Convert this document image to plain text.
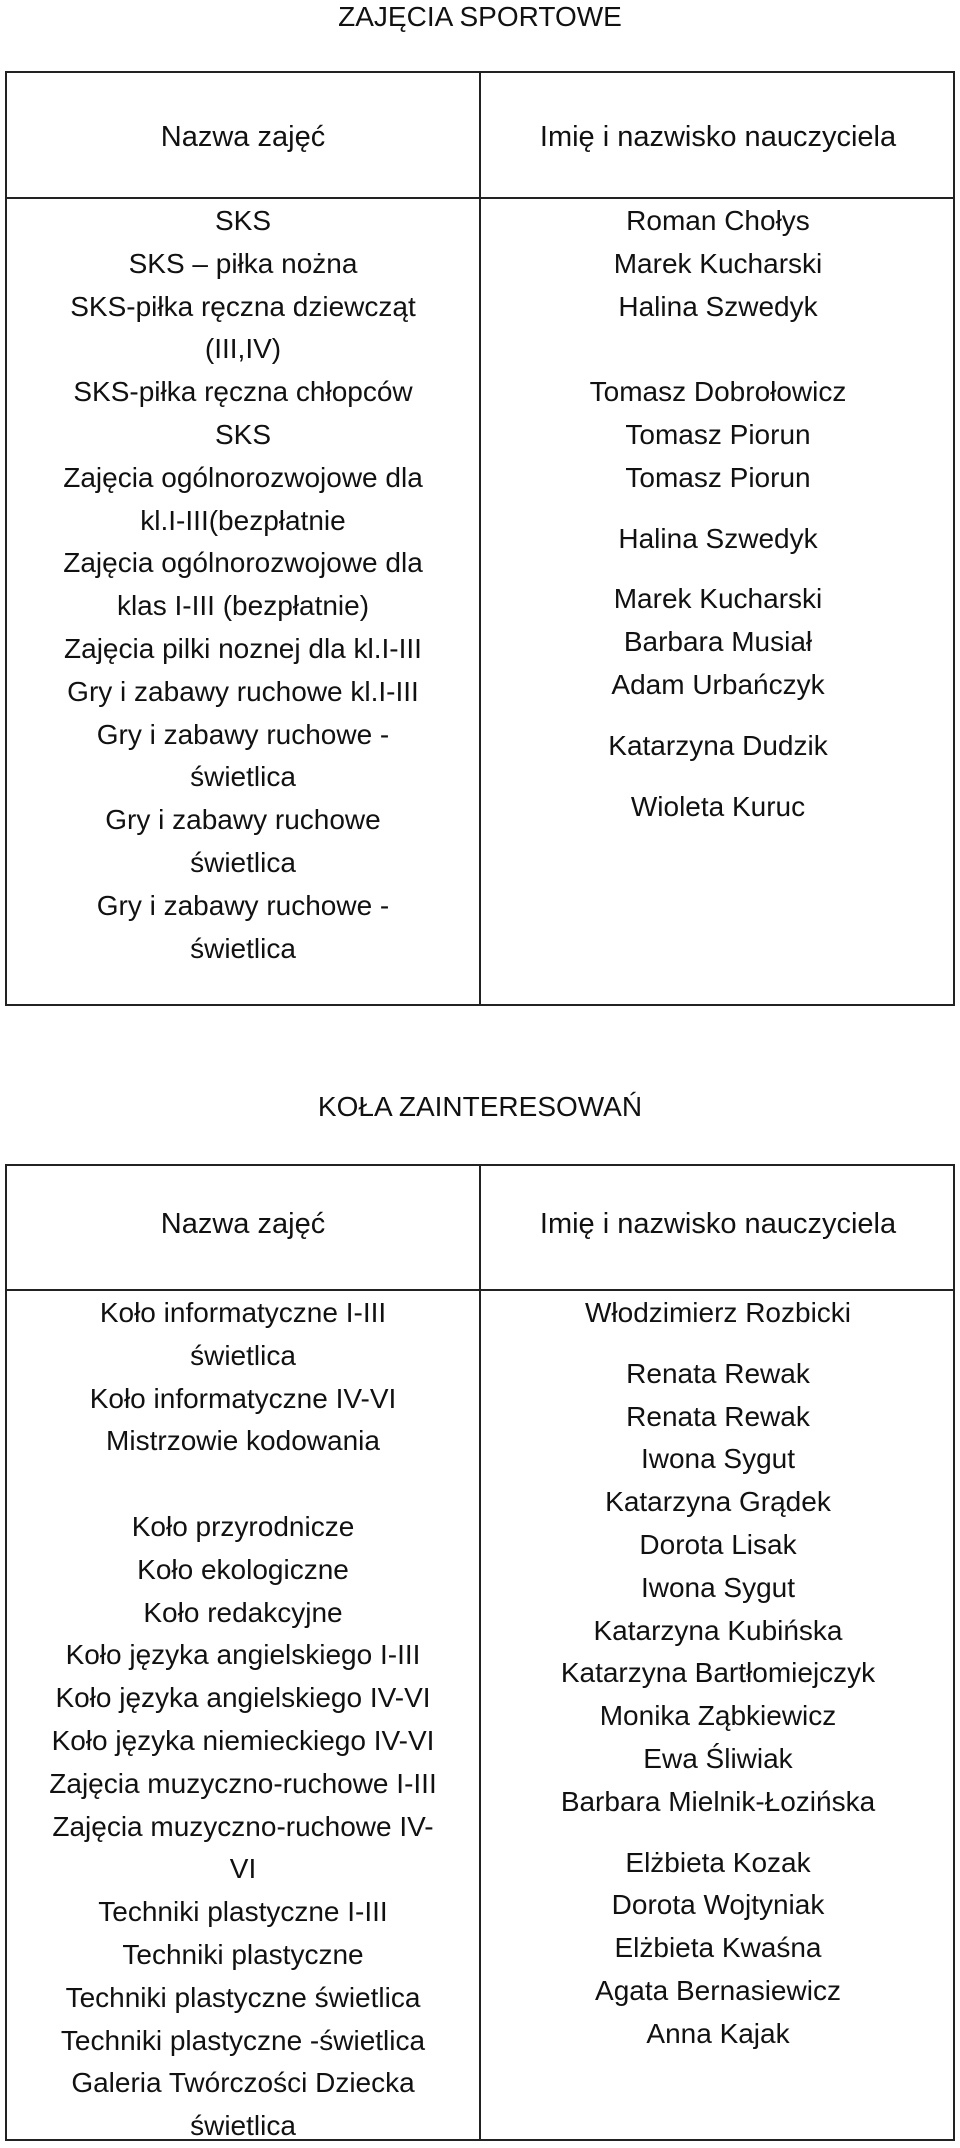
ZAJĘCIA SPORTOWE
Nazwa zajęć	Imię i nazwisko nauczyciela
SKS
SKS – piłka nożna
SKS-piłka ręczna dziewcząt
(III,IV)
SKS-piłka ręczna chłopców
SKS
Zajęcia ogólnorozwojowe dla
kl.I-III(bezpłatnie
Zajęcia ogólnorozwojowe dla
klas I-III (bezpłatnie)
Zajęcia pilki noznej dla kl.I-III
Gry i zabawy ruchowe kl.I-III
Gry i zabawy ruchowe -
świetlica
Gry i zabawy ruchowe
świetlica
Gry i zabawy ruchowe -
świetlica
Roman Chołys
Marek Kucharski
Halina Szwedyk
Tomasz Dobrołowicz
Tomasz Piorun
Tomasz Piorun
Halina Szwedyk
Marek Kucharski
Barbara Musiał
Adam Urbańczyk
Katarzyna Dudzik
Wioleta Kuruc
KOŁA ZAINTERESOWAŃ
Nazwa zajęć	Imię i nazwisko nauczyciela
Koło informatyczne I-III
świetlica
Koło informatyczne IV-VI
Mistrzowie kodowania
Koło przyrodnicze
Koło ekologiczne
Koło redakcyjne
Koło języka angielskiego I-III
Koło języka angielskiego IV-VI
Koło języka niemieckiego IV-VI
Zajęcia muzyczno-ruchowe I-III
Zajęcia muzyczno-ruchowe IV-
VI
Techniki plastyczne I-III
Techniki plastyczne
Techniki plastyczne świetlica
Techniki plastyczne -świetlica
Galeria Twórczości Dziecka
świetlica
Włodzimierz Rozbicki
Renata Rewak
Renata Rewak
Iwona Sygut
Katarzyna Grądek
Dorota Lisak
Iwona Sygut
Katarzyna Kubińska
Katarzyna Bartłomiejczyk
Monika Ząbkiewicz
Ewa Śliwiak
Barbara Mielnik-Łozińska
Elżbieta Kozak
Dorota Wojtyniak
Elżbieta Kwaśna
Agata Bernasiewicz
Anna Kajak
